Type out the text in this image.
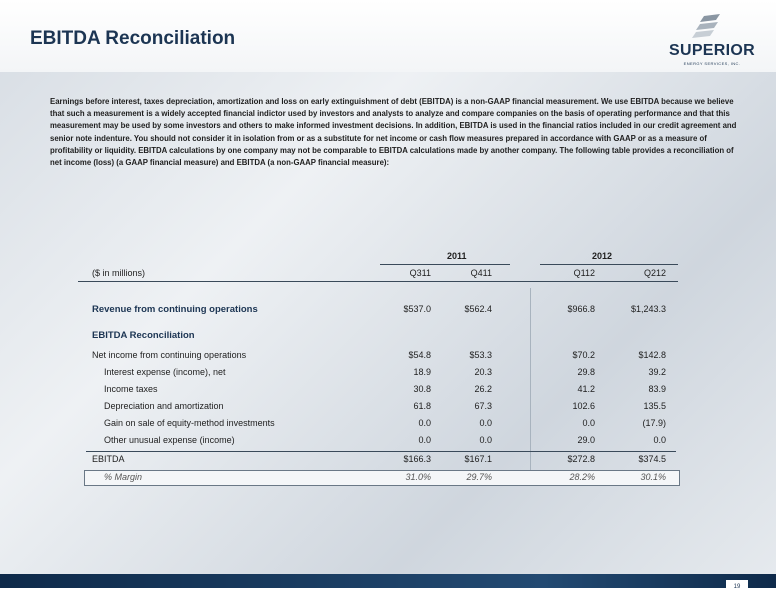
EBITDA Reconciliation
SUPERIOR
ENERGY SERVICES, INC.
Earnings before interest, taxes depreciation, amortization and loss on early extinguishment of debt (EBITDA) is a non-GAAP financial measurement. We use EBITDA because we believe that such a measurement is a widely accepted financial indictor used by investors and analysts to analyze and compare companies on the basis of operating performance and that this measurement may be used by some investors and others to make informed investment decisions. In addition, EBITDA is used in the financial ratios included in our credit agreement and senior note indenture. You should not consider it in isolation from or as a substitute for net income or cash flow measures prepared in accordance with GAAP or as a measure of profitability or liquidity. EBITDA calculations by one company may not be comparable to EBITDA calculations made by another company. The following table provides a reconciliation of net income (loss) (a GAAP financial measure) and EBITDA (a non-GAAP financial measure):
2011	2012
($ in millions)	Q311	Q411	Q112	Q212
Revenue from continuing operations	$537.0	$562.4	$966.8	$1,243.3
EBITDA Reconciliation
Net income from continuing operations	$54.8	$53.3	$70.2	$142.8
Interest expense (income), net	18.9	20.3	29.8	39.2
Income taxes	30.8	26.2	41.2	83.9
Depreciation and amortization	61.8	67.3	102.6	135.5
Gain on sale of equity-method investments	0.0	0.0	0.0	(17.9)
Other unusual expense (income)	0.0	0.0	29.0	0.0
EBITDA	$166.3	$167.1	$272.8	$374.5
% Margin	31.0%	29.7%	28.2%	30.1%
19
